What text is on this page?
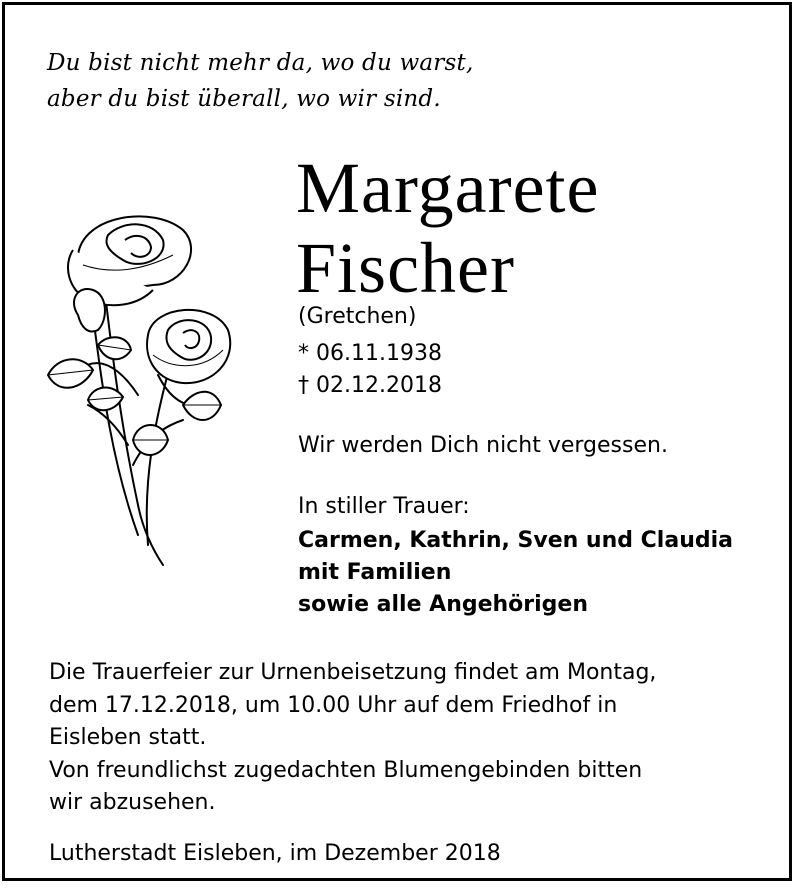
Du bist nicht mehr da, wo du warst,
aber du bist überall, wo wir sind.
Margarete
Fischer
(Gretchen)
* 06.11.1938
† 02.12.2018
Wir werden Dich nicht vergessen.
In stiller Trauer:
Carmen, Kathrin, Sven und Claudia
mit Familien
sowie alle Angehörigen
Die Trauerfeier zur Urnenbeisetzung findet am Montag,
dem 17.12.2018, um 10.00 Uhr auf dem Friedhof in
Eisleben statt.
Von freundlichst zugedachten Blumengebinden bitten
wir abzusehen.
Lutherstadt Eisleben, im Dezember 2018
